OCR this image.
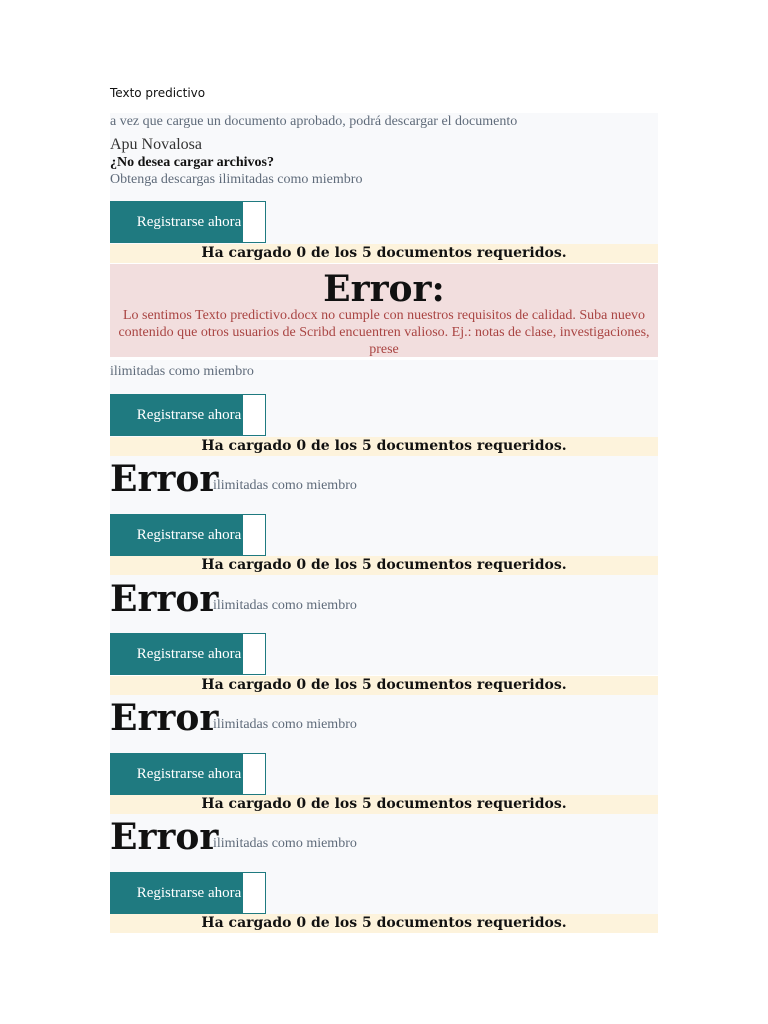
Texto predictivo
a vez que cargue un documento aprobado, podrá descargar el documento
Apu Novalosa
¿No desea cargar archivos?
Obtenga descargas ilimitadas como miembro
Registrarse ahora
Ha cargado 0 de los 5 documentos requeridos.
Error:
Lo sentimos Texto predictivo.docx no cumple con nuestros requisitos de calidad. Suba nuevo contenido que otros usuarios de Scribd encuentren valioso. Ej.: notas de clase, investigaciones, prese
ilimitadas como miembro
Registrarse ahora
Ha cargado 0 de los 5 documentos requeridos.
Error
ilimitadas como miembro
Registrarse ahora
Ha cargado 0 de los 5 documentos requeridos.
Error
ilimitadas como miembro
Registrarse ahora
Ha cargado 0 de los 5 documentos requeridos.
Error
ilimitadas como miembro
Registrarse ahora
Ha cargado 0 de los 5 documentos requeridos.
Error
ilimitadas como miembro
Registrarse ahora
Ha cargado 0 de los 5 documentos requeridos.
